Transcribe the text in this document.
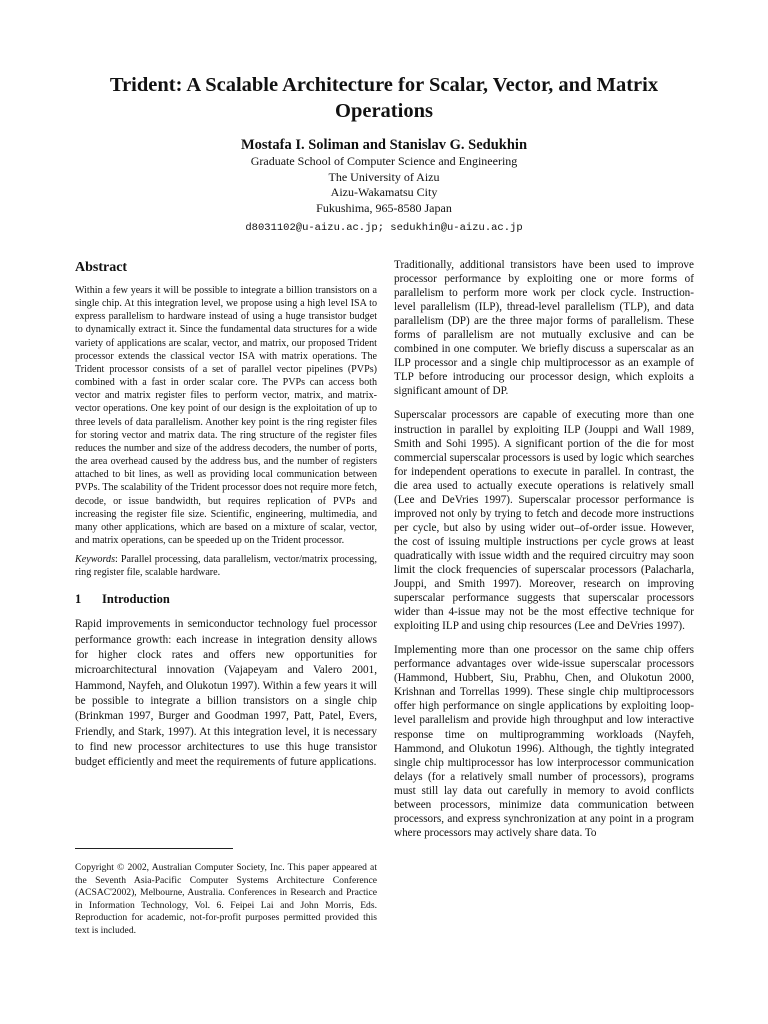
Trident: A Scalable Architecture for Scalar, Vector, and Matrix Operations
Mostafa I. Soliman and Stanislav G. Sedukhin
Graduate School of Computer Science and Engineering
The University of Aizu
Aizu-Wakamatsu City
Fukushima, 965-8580 Japan
d8031102@u-aizu.ac.jp; sedukhin@u-aizu.ac.jp
Abstract

Within a few years it will be possible to integrate a billion transistors on a single chip. At this integration level, we propose using a high level ISA to express parallelism to hardware instead of using a huge transistor budget to dynamically extract it. Since the fundamental data structures for a wide variety of applications are scalar, vector, and matrix, our proposed Trident processor extends the classical vector ISA with matrix operations. The Trident processor consists of a set of parallel vector pipelines (PVPs) combined with a fast in order scalar core. The PVPs can access both vector and matrix register files to perform vector, matrix, and matrix-vector operations. One key point of our design is the exploitation of up to three levels of data parallelism. Another key point is the ring register files for storing vector and matrix data. The ring structure of the register files reduces the number and size of the address decoders, the number of ports, the area overhead caused by the address bus, and the number of registers attached to bit lines, as well as providing local communication between PVPs. The scalability of the Trident processor does not require more fetch, decode, or issue bandwidth, but requires replication of PVPs and increasing the register file size. Scientific, engineering, multimedia, and many other applications, which are based on a mixture of scalar, vector, and matrix operations, can be speeded up on the Trident processor.

Keywords: Parallel processing, data parallelism, vector/matrix processing, ring register file, scalable hardware.

1 Introduction

Rapid improvements in semiconductor technology fuel processor performance growth: each increase in integration density allows for higher clock rates and offers new opportunities for microarchitectural innovation (Vajapeyam and Valero 2001, Hammond, Nayfeh, and Olukotun 1997). Within a few years it will be possible to integrate a billion transistors on a single chip (Brinkman 1997, Burger and Goodman 1997, Patt, Patel, Evers, Friendly, and Stark, 1997). At this integration level, it is necessary to find new processor architectures to use this huge transistor budget efficiently and meet the requirements of future applications.

Copyright © 2002, Australian Computer Society, Inc. This paper appeared at the Seventh Asia-Pacific Computer Systems Architecture Conference (ACSAC'2002), Melbourne, Australia. Conferences in Research and Practice in Information Technology, Vol. 6. Feipei Lai and John Morris, Eds. Reproduction for academic, not-for-profit purposes permitted provided this text is included.

Traditionally, additional transistors have been used to improve processor performance by exploiting one or more forms of parallelism to perform more work per clock cycle. Instruction-level parallelism (ILP), thread-level parallelism (TLP), and data parallelism (DP) are the three major forms of parallelism. These forms of parallelism are not mutually exclusive and can be combined in one computer. We briefly discuss a superscalar as an ILP processor and a single chip multiprocessor as an example of TLP before introducing our processor design, which exploits a significant amount of DP.

Superscalar processors are capable of executing more than one instruction in parallel by exploiting ILP (Jouppi and Wall 1989, Smith and Sohi 1995). A significant portion of the die for most commercial superscalar processors is used by logic which searches for independent operations to execute in parallel. In contrast, the die area used to actually execute operations is relatively small (Lee and DeVries 1997). Superscalar processor performance is improved not only by trying to fetch and decode more instructions per cycle, but also by using wider out–of-order issue. However, the cost of issuing multiple instructions per cycle grows at least quadratically with issue width and the required circuitry may soon limit the clock frequencies of superscalar processors (Palacharla, Jouppi, and Smith 1997). Moreover, research on improving superscalar performance suggests that superscalar processors wider than 4-issue may not be the most effective technique for exploiting ILP and using chip resources (Lee and DeVries 1997).

Implementing more than one processor on the same chip offers performance advantages over wide-issue superscalar processors (Hammond, Hubbert, Siu, Prabhu, Chen, and Olukotun 2000, Krishnan and Torrellas 1999). These single chip multiprocessors offer high performance on single applications by exploiting loop-level parallelism and provide high throughput and low interactive response time on multiprogramming workloads (Nayfeh, Hammond, and Olukotun 1996). Although, the tightly integrated single chip multiprocessor has low interprocessor communication delays (for a relatively small number of processors), programs must still lay data out carefully in memory to avoid conflicts between processors, minimize data communication between processors, and express synchronization at any point in a program where processors may actively share data. To
